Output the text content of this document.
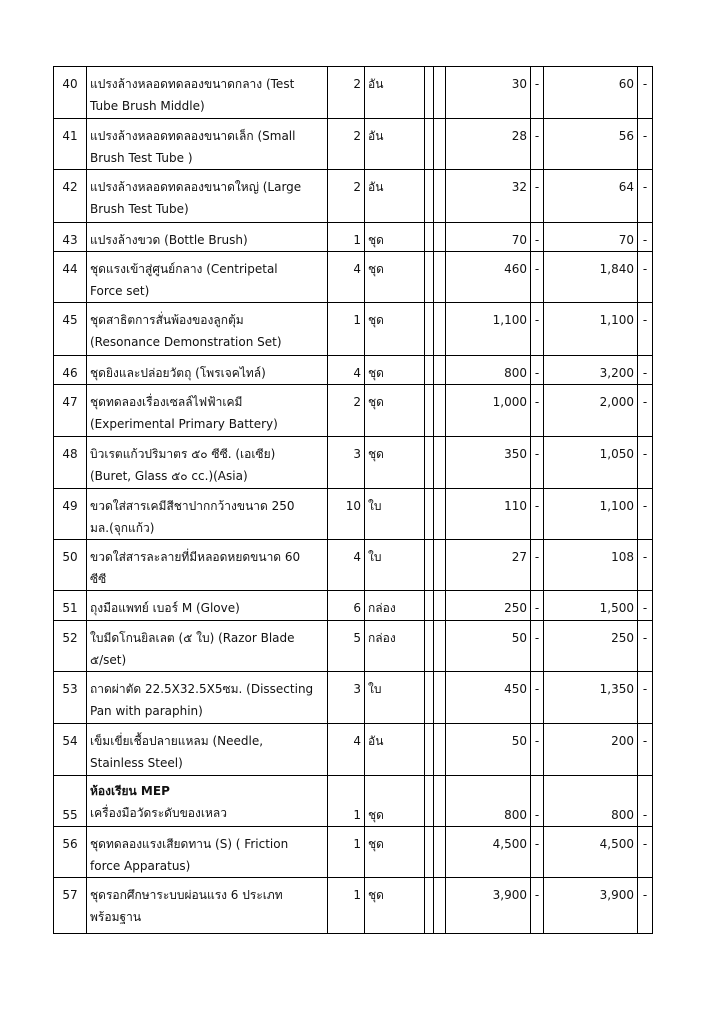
40	แปรงล้างหลอดทดลองขนาดกลาง (Test
Tube Brush Middle)	2	อัน			30	-	60	-

41	แปรงล้างหลอดทดลองขนาดเล็ก (Small
Brush Test Tube )	2	อัน			28	-	56	-

42	แปรงล้างหลอดทดลองขนาดใหญ่ (Large
Brush Test Tube)	2	อัน			32	-	64	-

43	แปรงล้างขวด (Bottle Brush)	1	ชุด			70	-	70	-

44	ชุดแรงเข้าสู่ศูนย์กลาง (Centripetal
Force set)	4	ชุด			460	-	1,840	-

45	ชุดสาธิตการสั่นพ้องของลูกตุ้ม
(Resonance Demonstration Set)	1	ชุด			1,100	-	1,100	-

46	ชุดยิงและปล่อยวัตถุ (โพรเจคไทล์)	4	ชุด			800	-	3,200	-

47	ชุดทดลองเรื่องเซลล์ไฟฟ้าเคมี
(Experimental Primary Battery)	2	ชุด			1,000	-	2,000	-

48	บิวเรตแก้วปริมาตร ๕๐ ซีซี. (เอเซีย)
(Buret, Glass ๕๐ cc.)(Asia)	3	ชุด			350	-	1,050	-

49	ขวดใส่สารเคมีสีชาปากกว้างขนาด 250
มล.(จุกแก้ว)	10	ใบ			110	-	1,100	-

50	ขวดใส่สารละลายที่มีหลอดหยดขนาด 60
ซีซี	4	ใบ			27	-	108	-

51	ถุงมือแพทย์ เบอร์ M (Glove)	6	กล่อง			250	-	1,500	-

52	ใบมีดโกนยิลเลต (๕ ใบ) (Razor Blade
๕/set)	5	กล่อง			50	-	250	-

53	ถาดผ่าตัด 22.5X32.5X5ซม. (Dissecting
Pan with paraphin)	3	ใบ			450	-	1,350	-

54	เข็มเขี่ยเชื้อปลายแหลม (Needle,
Stainless Steel)	4	อัน			50	-	200	-

55	ห้องเรียน MEP
เครื่องมือวัดระดับของเหลว	1	ชุด			800	-	800	-

56	ชุดทดลองแรงเสียดทาน (S) ( Friction
force Apparatus)	1	ชุด			4,500	-	4,500	-

57	ชุดรอกศึกษาระบบผ่อนแรง 6 ประเภท
พร้อมฐาน	1	ชุด			3,900	-	3,900	-
